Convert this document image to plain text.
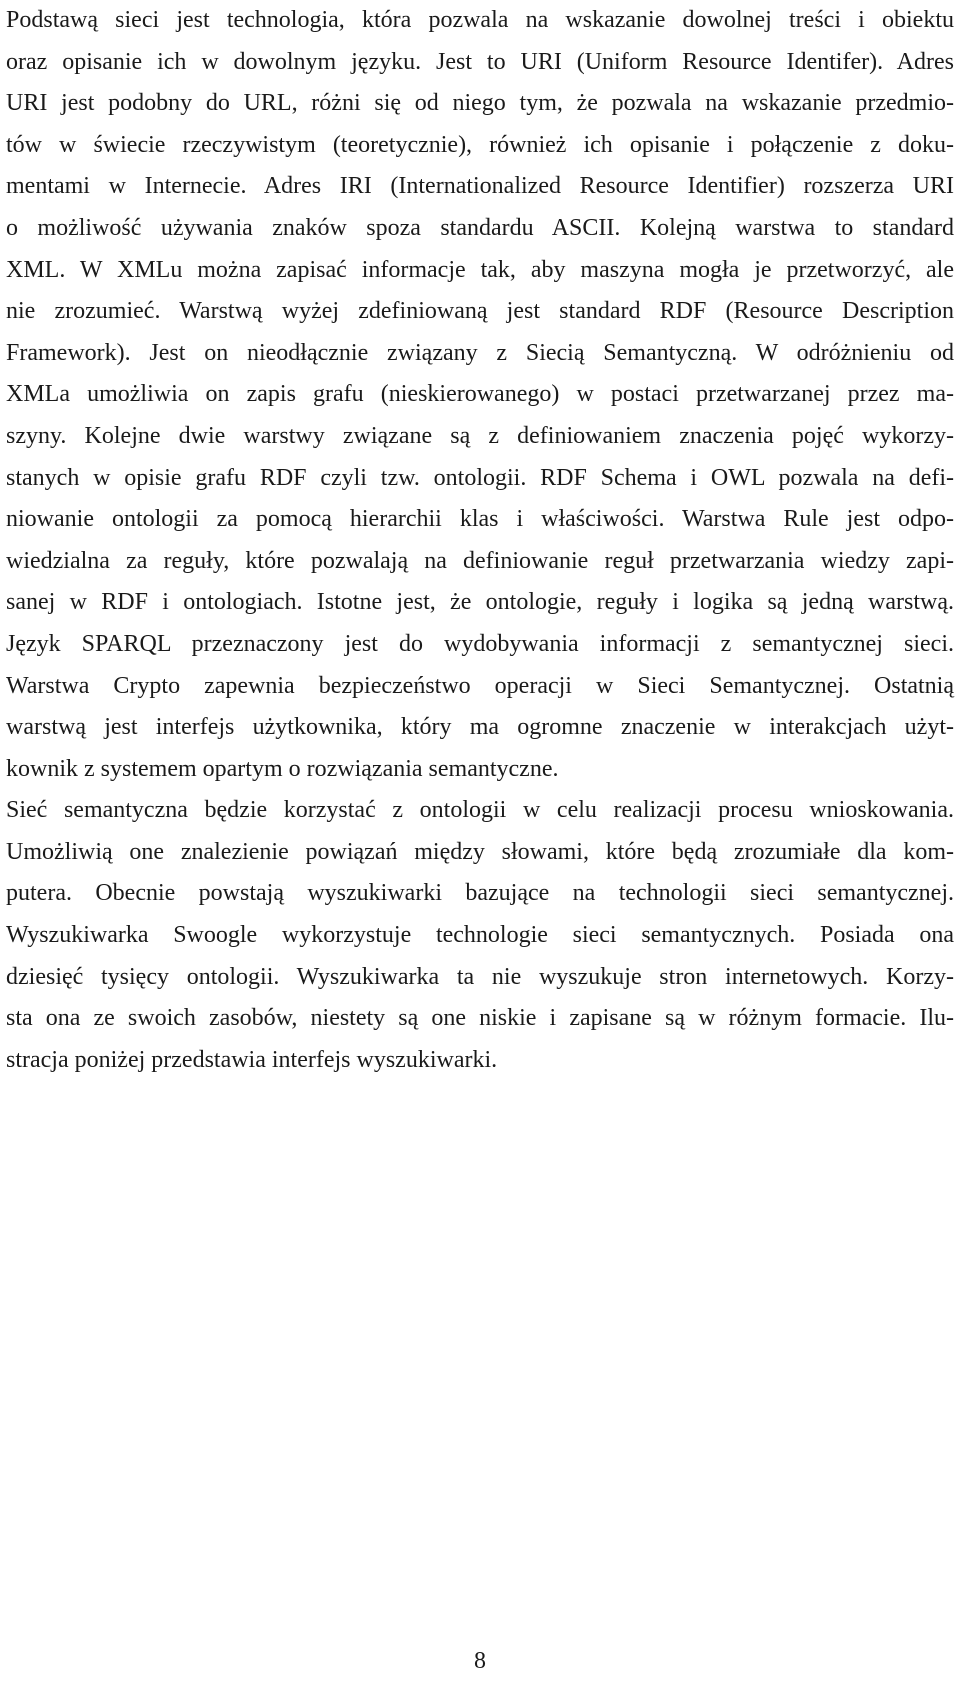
Podstawą sieci jest technologia, która pozwala na wskazanie dowolnej treści i obiektu
oraz opisanie ich w dowolnym języku. Jest to URI (Uniform Resource Identifer). Adres
URI jest podobny do URL, różni się od niego tym, że pozwala na wskazanie przedmio-
tów w świecie rzeczywistym (teoretycznie), również ich opisanie i połączenie z doku-
mentami w Internecie. Adres IRI (Internationalized Resource Identifier) rozszerza URI
o możliwość używania znaków spoza standardu ASCII. Kolejną warstwa to standard
XML. W XMLu można zapisać informacje tak, aby maszyna mogła je przetworzyć, ale
nie zrozumieć. Warstwą wyżej zdefiniowaną jest standard RDF (Resource Description
Framework). Jest on nieodłącznie związany z Siecią Semantyczną. W odróżnieniu od
XMLa umożliwia on zapis grafu (nieskierowanego) w postaci przetwarzanej przez ma-
szyny. Kolejne dwie warstwy związane są z definiowaniem znaczenia pojęć wykorzy-
stanych w opisie grafu RDF czyli tzw. ontologii. RDF Schema i OWL pozwala na defi-
niowanie ontologii za pomocą hierarchii klas i właściwości. Warstwa Rule jest odpo-
wiedzialna za reguły, które pozwalają na definiowanie reguł przetwarzania wiedzy zapi-
sanej w RDF i ontologiach. Istotne jest, że ontologie, reguły i logika są jedną warstwą.
Język SPARQL przeznaczony jest do wydobywania informacji z semantycznej sieci.
Warstwa Crypto zapewnia bezpieczeństwo operacji w Sieci Semantycznej. Ostatnią
warstwą jest interfejs użytkownika, który ma ogromne znaczenie w interakcjach użyt-
kownik z systemem opartym o rozwiązania semantyczne.
Sieć semantyczna będzie korzystać z ontologii w celu realizacji procesu wnioskowania.
Umożliwią one znalezienie powiązań między słowami, które będą zrozumiałe dla kom-
putera. Obecnie powstają wyszukiwarki bazujące na technologii sieci semantycznej.
Wyszukiwarka Swoogle wykorzystuje technologie sieci semantycznych. Posiada ona
dziesięć tysięcy ontologii. Wyszukiwarka ta nie wyszukuje stron internetowych. Korzy-
sta ona ze swoich zasobów, niestety są one niskie i zapisane są w różnym formacie. Ilu-
stracja poniżej przedstawia interfejs wyszukiwarki.
8
